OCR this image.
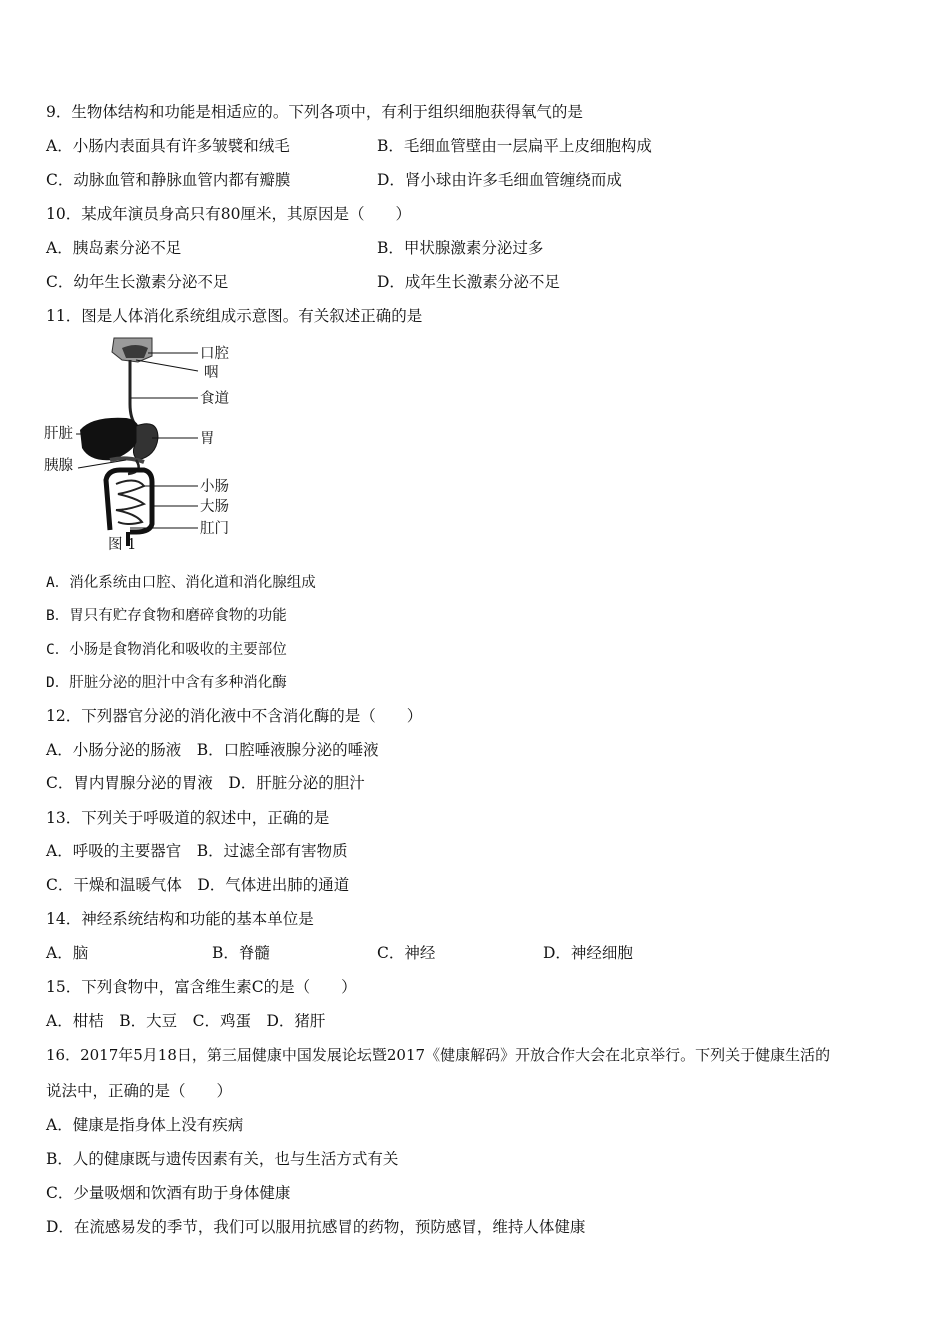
9．生物体结构和功能是相适应的。下列各项中，有利于组织细胞获得氧气的是
A．小肠内表面具有许多皱襞和绒毛	B．毛细血管壁由一层扁平上皮细胞构成
C．动脉血管和静脉血管内都有瓣膜	D．肾小球由许多毛细血管缠绕而成
10．某成年演员身高只有80厘米，其原因是（　　）
A．胰岛素分泌不足	B．甲状腺激素分泌过多
C．幼年生长激素分泌不足	D．成年生长激素分泌不足
11．图是人体消化系统组成示意图。有关叙述正确的是
口腔
咽
食道
肝脏	胃
胰腺
小肠
大肠
肛门
图 1
A．消化系统由口腔、消化道和消化腺组成
B．胃只有贮存食物和磨碎食物的功能
C．小肠是食物消化和吸收的主要部位
D．肝脏分泌的胆汁中含有多种消化酶
12．下列器官分泌的消化液中不含消化酶的是（　　）
A．小肠分泌的肠液　B．口腔唾液腺分泌的唾液
C．胃内胃腺分泌的胃液　D．肝脏分泌的胆汁
13．下列关于呼吸道的叙述中，正确的是
A．呼吸的主要器官　B．过滤全部有害物质
C．干燥和温暖气体　D．气体进出肺的通道
14．神经系统结构和功能的基本单位是
A．脑	B．脊髓	C．神经	D．神经细胞
15．下列食物中，富含维生素C的是（　　）
A．柑桔　B．大豆　C．鸡蛋　D．猪肝
16．2017年5月18日，第三届健康中国发展论坛暨2017《健康解码》开放合作大会在北京举行。下列关于健康生活的
说法中，正确的是（　　）
A．健康是指身体上没有疾病
B．人的健康既与遗传因素有关，也与生活方式有关
C．少量吸烟和饮酒有助于身体健康
D．在流感易发的季节，我们可以服用抗感冒的药物，预防感冒，维持人体健康
